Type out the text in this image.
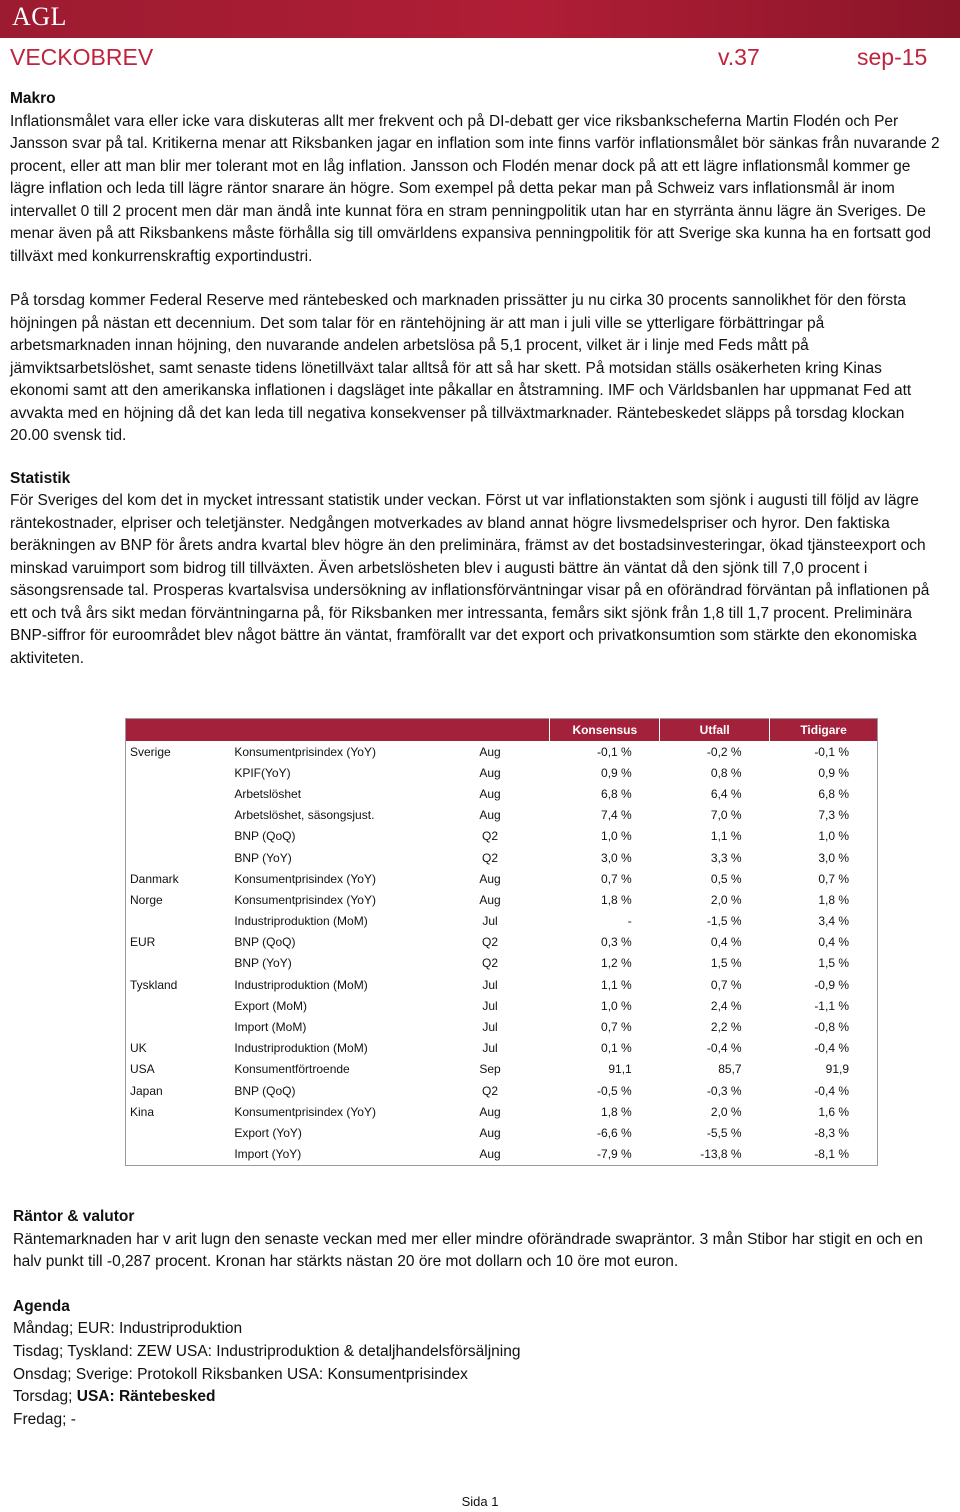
AGL
VECKOBREV	v.37	sep-15
Makro

Inflationsmålet vara eller icke vara diskuteras allt mer frekvent och på DI-debatt ger vice riksbankscheferna Martin Flodén och Per Jansson svar på tal. Kritikerna menar att Riksbanken jagar en inflation som inte finns varför inflationsmålet bör sänkas från nuvarande 2 procent, eller att man blir mer tolerant mot en låg inflation. Jansson och Flodén menar dock på att ett lägre inflationsmål kommer ge lägre inflation och leda till lägre räntor snarare än högre. Som exempel på detta pekar man på Schweiz vars inflationsmål är inom intervallet 0 till 2 procent men där man ändå inte kunnat föra en stram penningpolitik utan har en styrränta ännu lägre än Sveriges. De menar även på att Riksbankens måste förhålla sig till omvärldens expansiva penningpolitik för att Sverige ska kunna ha en fortsatt god tillväxt med konkurrenskraftig exportindustri.

På torsdag kommer Federal Reserve med räntebesked och marknaden prissätter ju nu cirka 30 procents sannolikhet för den första höjningen på nästan ett decennium. Det som talar för en räntehöjning är att man i juli ville se ytterligare förbättringar på arbetsmarknaden innan höjning, den nuvarande andelen arbetslösa på 5,1 procent, vilket är i linje med Feds mått på jämviktsarbetslöshet, samt senaste tidens lönetillväxt talar alltså för att så har skett. På motsidan ställs osäkerheten kring Kinas ekonomi samt att den amerikanska inflationen i dagsläget inte påkallar en åtstramning. IMF och Världsbanlen har uppmanat Fed att avvakta med en höjning då det kan leda till negativa konsekvenser på tillväxtmarknader. Räntebeskedet släpps på torsdag klockan 20.00 svensk tid.

Statistik

För Sveriges del kom det in mycket intressant statistik under veckan. Först ut var inflationstakten som sjönk i augusti till följd av lägre räntekostnader, elpriser och teletjänster. Nedgången motverkades av bland annat högre livsmedelspriser och hyror. Den faktiska beräkningen av BNP för årets andra kvartal blev högre än den preliminära, främst av det bostadsinvesteringar, ökad tjänsteexport och minskad varuimport som bidrog till tillväxten. Även arbetslösheten blev i augusti bättre än väntat då den sjönk till 7,0 procent i säsongsrensade tal. Prosperas kvartalsvisa undersökning av inflationsförväntningar visar på en oförändrad förväntan på inflationen på ett och två års sikt medan förväntningarna på, för Riksbanken mer intressanta, femårs sikt sjönk från 1,8 till 1,7 procent. Preliminära BNP-siffror för euroområdet blev något bättre än väntat, framförallt var det export och privatkonsumtion som stärkte den ekonomiska aktiviteten.

			Konsensus	Utfall	Tidigare
Sverige	Konsumentprisindex (YoY)	Aug	-0,1 %	-0,2 %	-0,1 %
	KPIF(YoY)	Aug	0,9 %	0,8 %	0,9 %
	Arbetslöshet	Aug	6,8 %	6,4 %	6,8 %
	Arbetslöshet, säsongsjust.	Aug	7,4 %	7,0 %	7,3 %
	BNP (QoQ)	Q2	1,0 %	1,1 %	1,0 %
	BNP (YoY)	Q2	3,0 %	3,3 %	3,0 %
Danmark	Konsumentprisindex (YoY)	Aug	0,7 %	0,5 %	0,7 %
Norge	Konsumentprisindex (YoY)	Aug	1,8 %	2,0 %	1,8 %
	Industriproduktion (MoM)	Jul	-	-1,5 %	3,4 %
EUR	BNP (QoQ)	Q2	0,3 %	0,4 %	0,4 %
	BNP (YoY)	Q2	1,2 %	1,5 %	1,5 %
Tyskland	Industriproduktion (MoM)	Jul	1,1 %	0,7 %	-0,9 %
	Export (MoM)	Jul	1,0 %	2,4 %	-1,1 %
	Import (MoM)	Jul	0,7 %	2,2 %	-0,8 %
UK	Industriproduktion (MoM)	Jul	0,1 %	-0,4 %	-0,4 %
USA	Konsumentförtroende	Sep	91,1	85,7	91,9
Japan	BNP (QoQ)	Q2	-0,5 %	-0,3 %	-0,4 %
Kina	Konsumentprisindex (YoY)	Aug	1,8 %	2,0 %	1,6 %
	Export (YoY)	Aug	-6,6 %	-5,5 %	-8,3 %
	Import (YoY)	Aug	-7,9 %	-13,8 %	-8,1 %
Räntor & valutor
Räntemarknaden har v arit lugn den senaste veckan med mer eller mindre oförändrade swapräntor. 3 mån Stibor har stigit en och en halv punkt till -0,287 procent. Kronan har stärkts nästan 20 öre mot dollarn och 10 öre mot euron.
Agenda
Måndag; EUR: Industriproduktion
Tisdag; Tyskland: ZEW USA: Industriproduktion & detaljhandelsförsäljning
Onsdag; Sverige: Protokoll Riksbanken USA: Konsumentprisindex
Torsdag; USA: Räntebesked
Fredag; -
Sida 1
